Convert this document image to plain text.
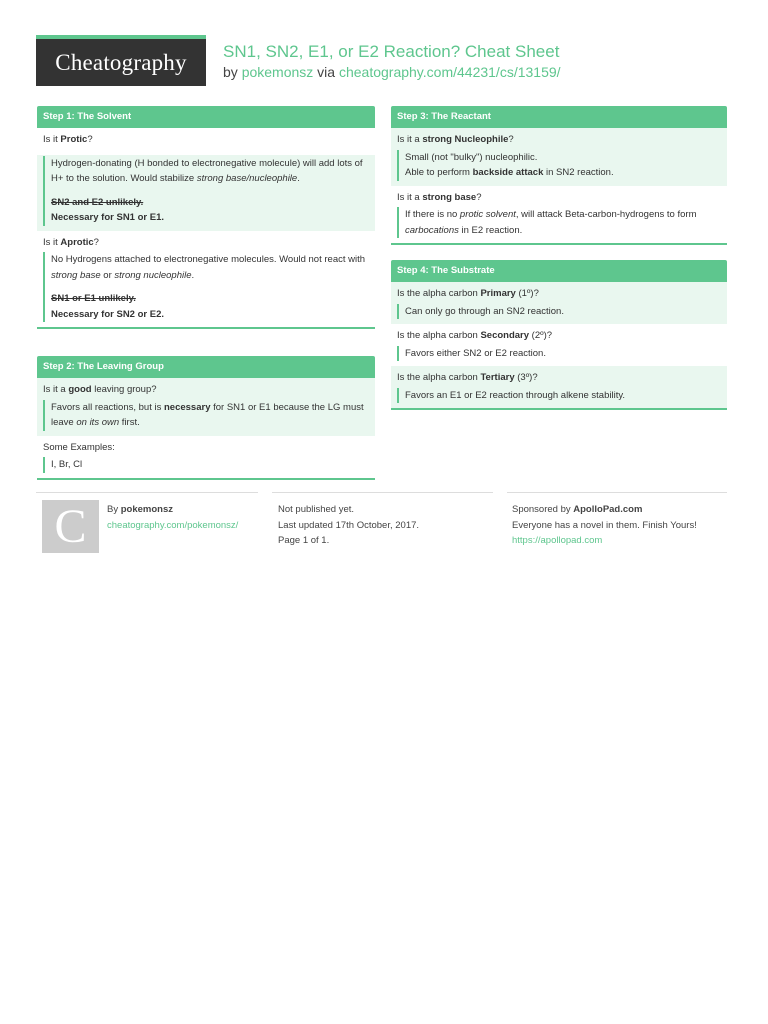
Cheatography SN1, SN2, E1, or E2 Reaction? Cheat Sheet
by pokemonsz via cheatography.com/44231/cs/13159/
Step 1: The Solvent
Is it Protic?
Hydrogen-donating (H bonded to electronegative molecule) will add lots of H+ to the solution. Would stabilize strong base/nucleophile.
SN2 and E2 unlikely.
Necessary for SN1 or E1.
Is it Aprotic?
No Hydrogens attached to electronegative molecules. Would not react with strong base or strong nucleophile.
SN1 or E1 unlikely.
Necessary for SN2 or E2.
Step 2: The Leaving Group
Is it a good leaving group?
Favors all reactions, but is necessary for SN1 or E1 because the LG must leave on its own first.
Some Examples:
I, Br, Cl
Step 3: The Reactant
Is it a strong Nucleophile?
Small (not "bulky") nucleophilic.
Able to perform backside attack in SN2 reaction.
Is it a strong base?
If there is no protic solvent, will attack Beta-carbon-hydrogens to form carbocations in E2 reaction.
Step 4: The Substrate
Is the alpha carbon Primary (1º)?
Can only go through an SN2 reaction.
Is the alpha carbon Secondary (2º)?
Favors either SN2 or E2 reaction.
Is the alpha carbon Tertiary (3º)?
Favors an E1 or E2 reaction through alkene stability.
C By pokemonsz
cheatography.com/pokemonsz/
Not published yet.
Last updated 17th October, 2017.
Page 1 of 1.
Sponsored by ApolloPad.com
Everyone has a novel in them. Finish Yours!
https://apollopad.com
